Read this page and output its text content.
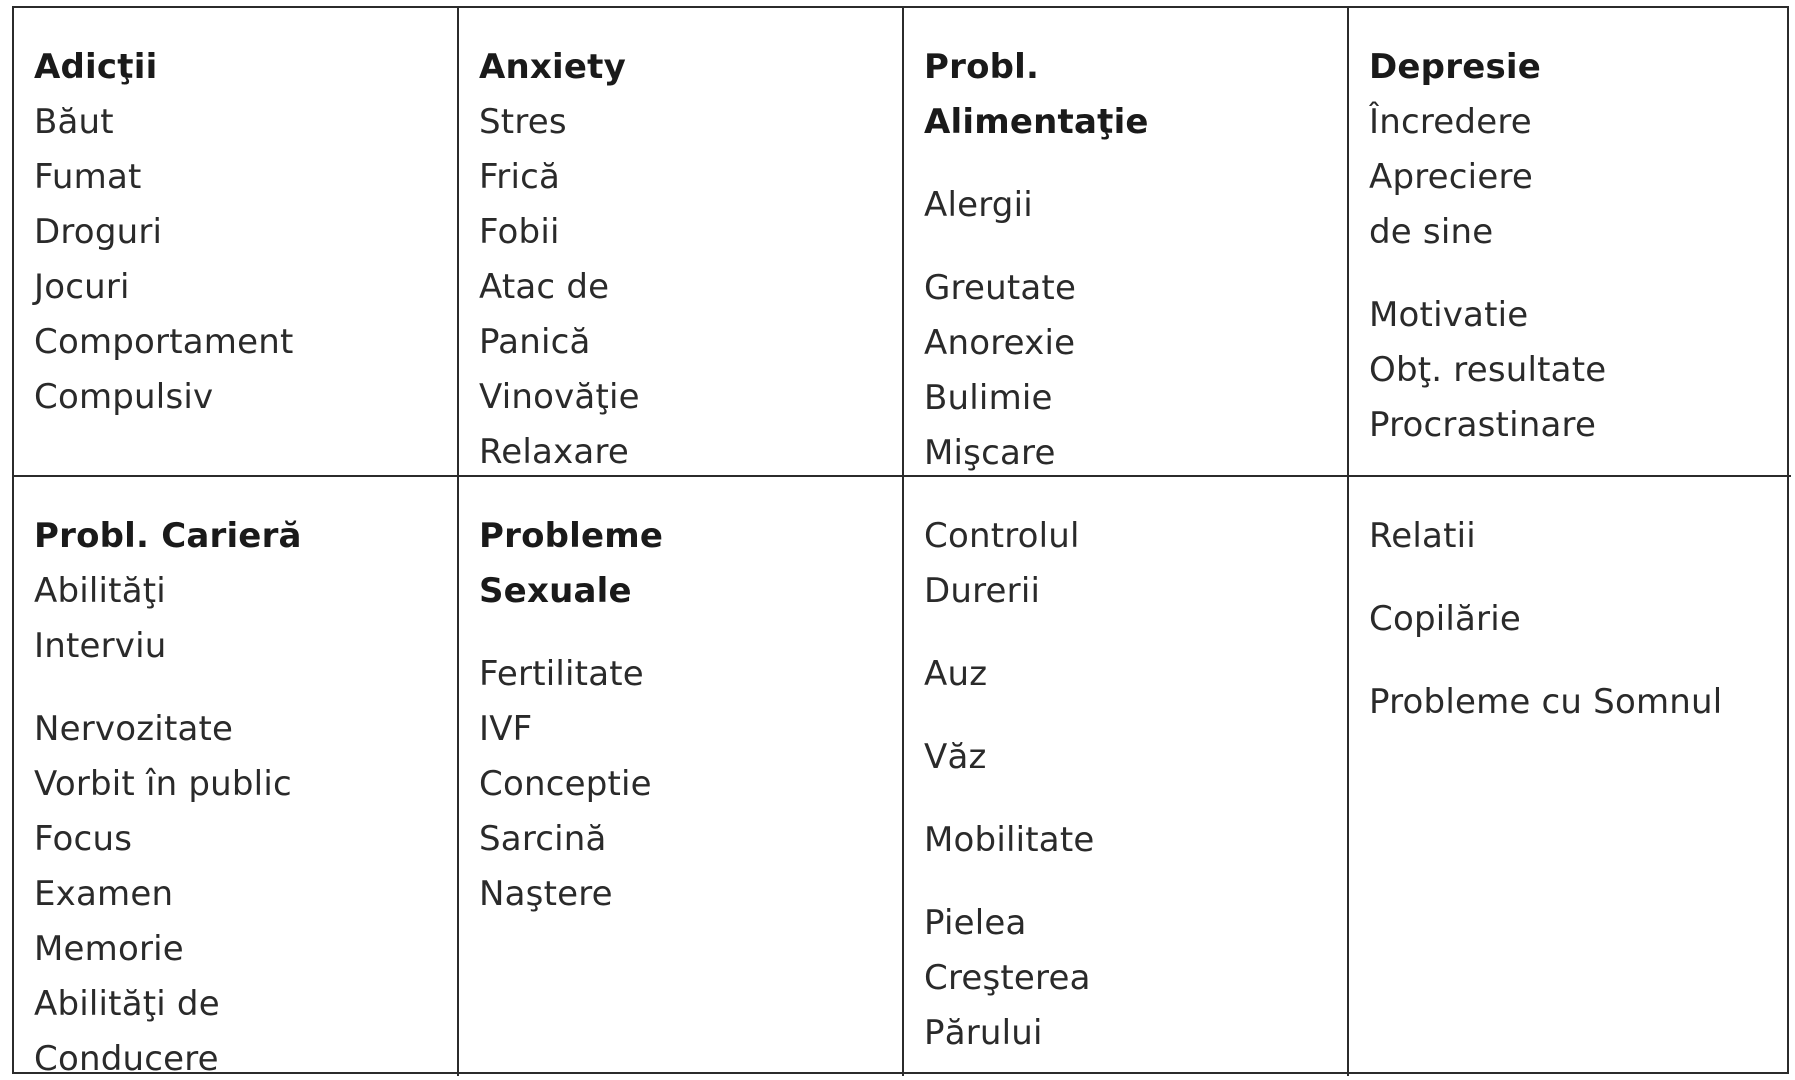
Adicţii
Băut
Fumat
Droguri
Jocuri
Comportament
Compulsiv
Anxiety
Stres
Frică
Fobii
Atac de
Panică
Vinovăţie
Relaxare
Probl.
Alimentaţie
Alergii
Greutate
Anorexie
Bulimie
Mişcare
Depresie
Încredere
Apreciere
de sine
Motivatie
Obţ. resultate
Procrastinare
Probl. Carieră
Abilităţi
Interviu
Nervozitate
Vorbit în public
Focus
Examen
Memorie
Abilităţi de
Conducere
Probleme
Sexuale
Fertilitate
IVF
Conceptie
Sarcină
Naştere
Controlul
Durerii
Auz
Văz
Mobilitate
Pielea
Creşterea
Părului
Relatii
Copilărie
Probleme cu Somnul
